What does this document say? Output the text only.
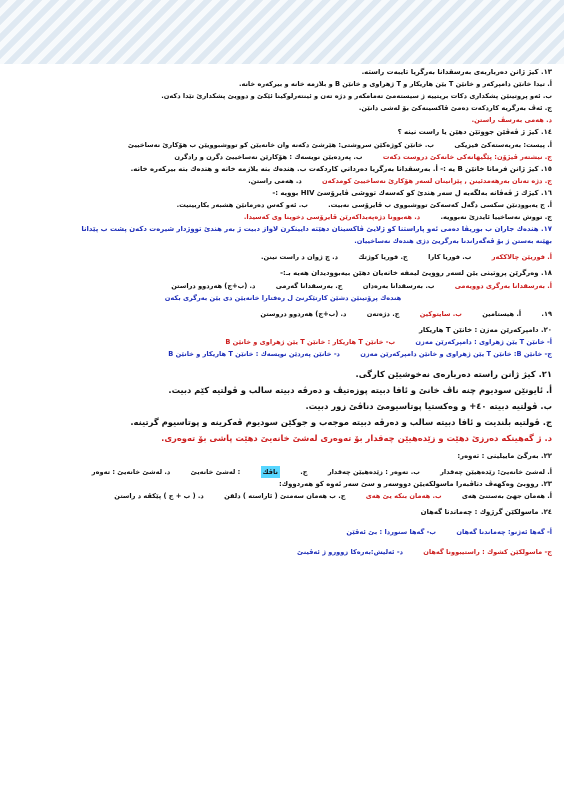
١٣. كيژ ژانن دەرباربەی بەرسقدانا بەرگريا تايبەت راستە.
أ. تيدا خانێن دامپركەر و خانێن T يێن هاريكار و T ژهراوی و خانێن B و بلازمە خانە و بيركەرە خانە.
ب. ئەو پروتينێن پشكداری دكات بريتييە ژ سيستەمێ تەمامكەر و دژە تەن و ئينتەرلوكينا ئێكێ و دوويێ پشكدارێ تێدا دكەن.
ج. ئەڤ بەرگريە كاردكەت دەمێ ڤاكسينەكێ بۆ لەشی دانێن.
د. هەمی بەرسڤ راستن.
١٤. كيژ ژ ڤەڤێن جووتێن دهێن يا راست نينە ؟
أ. پيست: بەربەستەكێ فيزيكی ب. خانێن كوژەكێن سروشتی: هێرشێ دكەنە وان خانەيێن كو تووشبوويێن ب هۆكارێ نەساخييێ
ج. نيشتەر ڤيژۆن: پێگيهانەكی خانەكێ دروست دكەت ب. پەردەيێن نويسەك : هۆكارێن نەساخييێ دگرن و رادگرن
١٥. كيژ ژانن فرمانا خانێن B يە :- أ. بەرسقدانا بەرگريا دەرداني كاردكەت ب. هندەك بنە بلازمە خانە و هندەك بنە بيركەرە خانە.
ج. دژە تەنان بەرهەمدئينن , پێزانينان لسەر هۆكارێ نەساخييێ كومدكەن د. هەمی راستن.
١٦. كيژك ژ ڤەڤانە بەلگەيە ل سەر هندێ كو كەسەك تووشی ڤايرۆسێ HIV بوويە :-
أ. ج يەبوودنێن سكسی دگەل كەسەكێ تووشبووی ب ڤايرۆسی نەبيت. ب. ئەو كەس دەرمانێن هشبەر بكاربينيت.
ج. تووش نەساخييا ئايدزێ نەبوويە. د. هەبوونا دژەپەيداكەرێن ڤايرۆسی دخوينا وی كەسيدا.
١٧. هندەك جاران ب بوريڤا دەمی ئەو پاراستنا كو ژلايێ ڤاكسينان دهێتە دايينكرن لاواز دبيت ژ بەر هندێ تووژدار شيرەت دكەن پشت ب پێدانا
بهێنە بەستن ژ بۆ ڤەگەراندنا بەرگريێ دژی هندەك نەساخييان.
أ. فوريێن چالاككەر ب. فوريا كارا ج. فوريا كوژتك د. چ ژوان د راست نينن.
١٨. وەرگرێن پروتينی يێن لسەر رووپێ ليمفە خانەيان دهێن بيەبووديدان هەيە بـ:-
أ. بەرسقدانا بەرگری دوويەمی ب. بەرسقدانا بەرەدان ج. بەرسقدانا گەرمی د. (ب+ج) هەردوو دراستن
هندەك پرۆتينێن دشێن كارتێكرنێ ل رەفتارا خانەيێن دی يێن بەرگری بكەن
١٩. أ. هيستامين ب. سايتوكين ج. دژەتەن د. (ب+ج) هەردوو دروستن
٢٠. دامپركەرێن مەزن : خانێن T هاريكار
أ- خانێن T يێن ژهراوی : دامپركەرێن مەزن ب- خانێن T هاريكار : خانێن T يێن ژهراوی و خانێن B
ج- خانێن B: خانێن T يێن ژهراوی و خانێن دامپركەرێن مەزن د- خانێن پەردێن نويسەك : خانێن T هاريكار و خانێن B
٢١. كيژ ژانن راستە دەربارەی نەخوشيێن كارگی.
أ. ئايونێن سوديوم چنە ناڤ خانێ و ئافا دبيتە پوزەتيڤ و دەرڤە دبيتە سالب و ڤولتيە كێم دبيت.
ب. ڤولتيە دبيتە ٤٠+ و وەكستيا پوتاسيومێ دناڤێ زور دبيت.
ج. ڤولتيە بلنديت و ئافا دبيتە سالب و دەرڤە دبيتە موجەب و جوكێن سوديوم ڤەكرينە و پوتاسيوم گرتينە.
د. ژ گەهينكە دەرزێ دهێت و زێدەهيێن چەقدار بۆ تەوەری لەشێ خانەيێ دهێت پاشی بۆ تەوەری.
٢٢. بەرگێ ماييلينی : تەوەر:
أ. لەشێ خانەيێ: زێدەهيێن چەقدار ب. تەوەر : زێدەهيێن چەقدار ج. ناڤك : لەشێ خانەيێ د. لەشێ خانەيێ : تەوەر
٢٣. رووبێ وەكهەڤ دناڤبەرا ماسولكەيێن دووسەر و سێ سەر ئەوە كو هەردووك:
أ. هەمان جهێ بەستنێ هەی ب. هەمان بنكە يێ هەی ج. ب هەمان سەمتێ ( ئاراستە ) دلقن د. ( ب + ج ) پێكڤە د راستن
٢٤. ماسولكێن گرژوك : چەماندنا گەهان
أ- گەها ئەژنو: چەماندنا گەهان ب- گەها سنوردا : بێ ئەڤێن
ج- ماسولكێن كشوك : راستيبوونا گەهان د- ئەليش:بەرەكا زوورو ژ ئەڤينێ
